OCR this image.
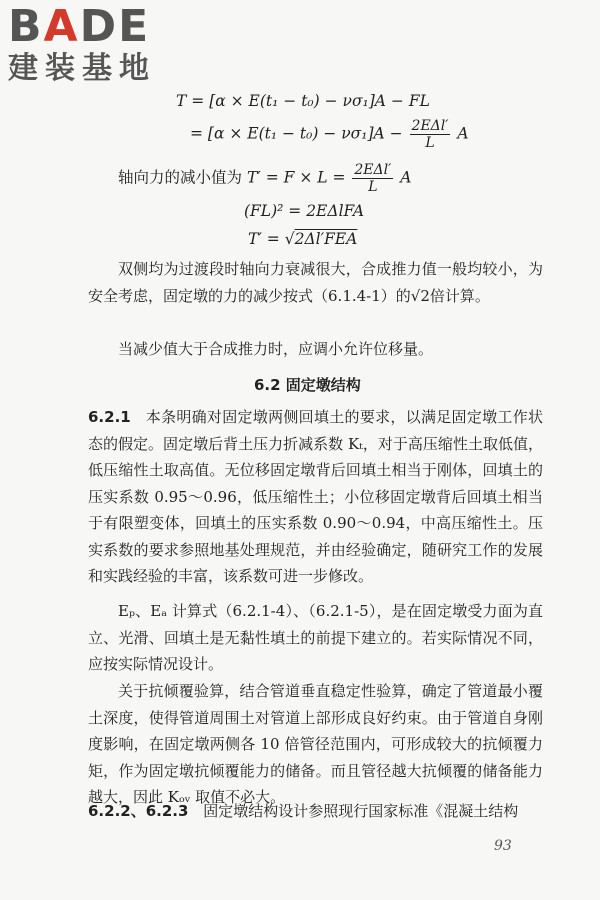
BADE
建装基地
T = [α × E(t₁ − t₀) − νσ₁]A − FL
= $[\alpha \times E(t_1 - t_0) - \nu\sigma_1]A - \frac{\text{2EΔl′}}{L}$ A
轴向力的减小值为 $T' = F \times L = \frac{\text{2EΔl′}}{L}$ A
(FL)² = 2EΔlFA
T′ = √2Δl′FEA

双侧均为过渡段时轴向力衰减很大，合成推力值一般均较小，为安全考虑，固定墩的力的减少按式（6.1.4-1）的√2倍计算。

当减少值大于合成推力时，应调小允许位移量。

6.2 固定墩结构

6.2.1 本条明确对固定墩两侧回填土的要求，以满足固定墩工作状态的假定。固定墩后背土压力折减系数 Kₜ，对于高压缩性土取低值，低压缩性土取高值。无位移固定墩背后回填土相当于刚体，回填土的压实系数 0.95～0.96，低压缩性土；小位移固定墩背后回填土相当于有限塑变体，回填土的压实系数 0.90～0.94，中高压缩性土。压实系数的要求参照地基处理规范，并由经验确定，随研究工作的发展和实践经验的丰富，该系数可进一步修改。

Eₚ、Eₐ 计算式（6.2.1-4）、（6.2.1-5），是在固定墩受力面为直立、光滑、回填土是无黏性填土的前提下建立的。若实际情况不同，应按实际情况设计。

关于抗倾覆验算，结合管道垂直稳定性验算，确定了管道最小覆土深度，使得管道周围土对管道上部形成良好约束。由于管道自身刚度影响，在固定墩两侧各 10 倍管径范围内，可形成较大的抗倾覆力矩，作为固定墩抗倾覆能力的储备。而且管径越大抗倾覆的储备能力越大，因此 Kₒᵥ 取值不必大。

6.2.2、6.2.3 固定墩结构设计参照现行国家标准《混凝土结构

93
